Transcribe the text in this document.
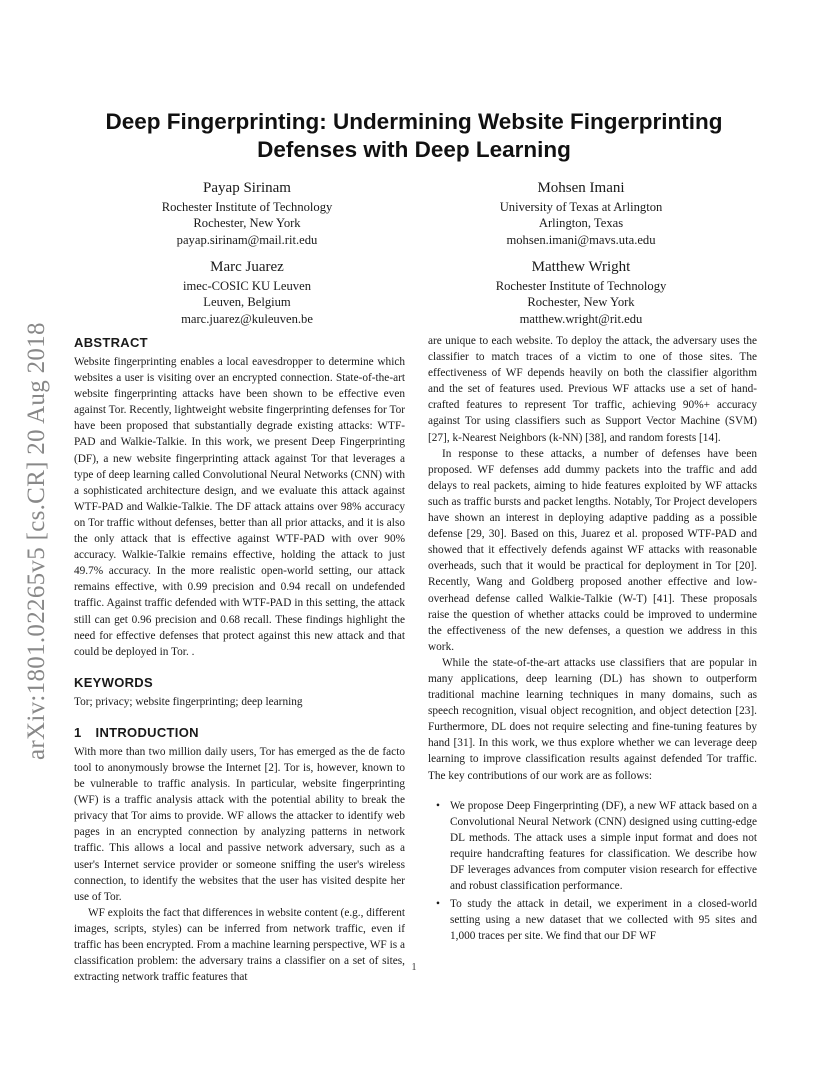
Deep Fingerprinting: Undermining Website Fingerprinting
Defenses with Deep Learning
Payap Sirinam
Rochester Institute of Technology
Rochester, New York
payap.sirinam@mail.rit.edu
Mohsen Imani
University of Texas at Arlington
Arlington, Texas
mohsen.imani@mavs.uta.edu
Marc Juarez
imec-COSIC KU Leuven
Leuven, Belgium
marc.juarez@kuleuven.be
Matthew Wright
Rochester Institute of Technology
Rochester, New York
matthew.wright@rit.edu
arXiv:1801.02265v5 [cs.CR] 20 Aug 2018 ABSTRACT

Website fingerprinting enables a local eavesdropper to determine which websites a user is visiting over an encrypted connection. State-of-the-art website fingerprinting attacks have been shown to be effective even against Tor. Recently, lightweight website fingerprinting defenses for Tor have been proposed that substantially degrade existing attacks: WTF-PAD and Walkie-Talkie. In this work, we present Deep Fingerprinting (DF), a new website fingerprinting attack against Tor that leverages a type of deep learning called Convolutional Neural Networks (CNN) with a sophisticated architecture design, and we evaluate this attack against WTF-PAD and Walkie-Talkie. The DF attack attains over 98% accuracy on Tor traffic without defenses, better than all prior attacks, and it is also the only attack that is effective against WTF-PAD with over 90% accuracy. Walkie-Talkie remains effective, holding the attack to just 49.7% accuracy. In the more realistic open-world setting, our attack remains effective, with 0.99 precision and 0.94 recall on undefended traffic. Against traffic defended with WTF-PAD in this setting, the attack still can get 0.96 precision and 0.68 recall. These findings highlight the need for effective defenses that protect against this new attack and that could be deployed in Tor. .

KEYWORDS

Tor; privacy; website fingerprinting; deep learning

1 INTRODUCTION

With more than two million daily users, Tor has emerged as the de facto tool to anonymously browse the Internet [2]. Tor is, however, known to be vulnerable to traffic analysis. In particular, website fingerprinting (WF) is a traffic analysis attack with the potential ability to break the privacy that Tor aims to provide. WF allows the attacker to identify web pages in an encrypted connection by analyzing patterns in network traffic. This allows a local and passive network adversary, such as a user's Internet service provider or someone sniffing the user's wireless connection, to identify the websites that the user has visited despite her use of Tor.

WF exploits the fact that differences in website content (e.g., different images, scripts, styles) can be inferred from network traffic, even if traffic has been encrypted. From a machine learning perspective, WF is a classification problem: the adversary trains a classifier on a set of sites, extracting network traffic features that

are unique to each website. To deploy the attack, the adversary uses the classifier to match traces of a victim to one of those sites. The effectiveness of WF depends heavily on both the classifier algorithm and the set of features used. Previous WF attacks use a set of hand-crafted features to represent Tor traffic, achieving 90%+ accuracy against Tor using classifiers such as Support Vector Machine (SVM) [27], k-Nearest Neighbors (k-NN) [38], and random forests [14].

In response to these attacks, a number of defenses have been proposed. WF defenses add dummy packets into the traffic and add delays to real packets, aiming to hide features exploited by WF attacks such as traffic bursts and packet lengths. Notably, Tor Project developers have shown an interest in deploying adaptive padding as a possible defense [29, 30]. Based on this, Juarez et al. proposed WTF-PAD and showed that it effectively defends against WF attacks with reasonable overheads, such that it would be practical for deployment in Tor [20]. Recently, Wang and Goldberg proposed another effective and low-overhead defense called Walkie-Talkie (W-T) [41]. These proposals raise the question of whether attacks could be improved to undermine the effectiveness of the new defenses, a question we address in this work.

While the state-of-the-art attacks use classifiers that are popular in many applications, deep learning (DL) has shown to outperform traditional machine learning techniques in many domains, such as speech recognition, visual object recognition, and object detection [23]. Furthermore, DL does not require selecting and fine-tuning features by hand [31]. In this work, we thus explore whether we can leverage deep learning to improve classification results against defended Tor traffic. The key contributions of our work are as follows:

• We propose Deep Fingerprinting (DF), a new WF attack based on a Convolutional Neural Network (CNN) designed using cutting-edge DL methods. The attack uses a simple input format and does not require handcrafting features for classification. We describe how DF leverages advances from computer vision research for effective and robust classification performance.
• To study the attack in detail, we experiment in a closed-world setting using a new dataset that we collected with 95 sites and 1,000 traces per site. We find that our DF WF
1
